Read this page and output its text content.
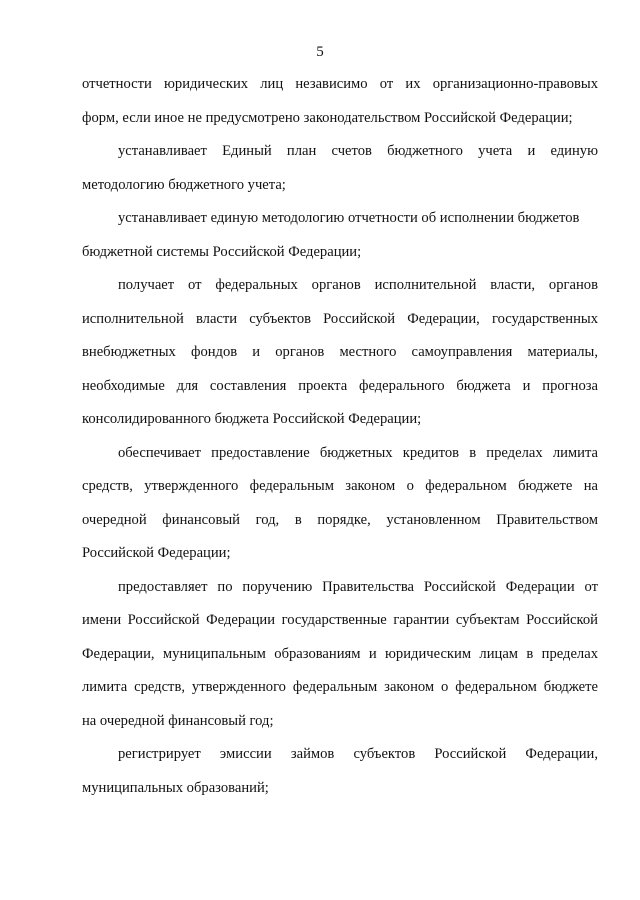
5
отчетности юридических лиц независимо от их организационно-правовых
форм, если иное не предусмотрено законодательством Российской Федерации;
устанавливает Единый план счетов бюджетного учета и единую
методологию бюджетного учета;
устанавливает единую методологию отчетности об исполнении бюджетов
бюджетной системы Российской Федерации;
получает от федеральных органов исполнительной власти, органов
исполнительной власти субъектов Российской Федерации, государственных
внебюджетных фондов и органов местного самоуправления материалы,
необходимые для составления проекта федерального бюджета и прогноза
консолидированного бюджета Российской Федерации;
обеспечивает предоставление бюджетных кредитов в пределах лимита
средств, утвержденного федеральным законом о федеральном бюджете на
очередной финансовый год, в порядке, установленном Правительством
Российской Федерации;
предоставляет по поручению Правительства Российской Федерации от
имени Российской Федерации государственные гарантии субъектам Российской
Федерации, муниципальным образованиям и юридическим лицам в пределах
лимита средств, утвержденного федеральным законом о федеральном бюджете
на очередной финансовый год;
регистрирует эмиссии займов субъектов Российской Федерации,
муниципальных образований;
